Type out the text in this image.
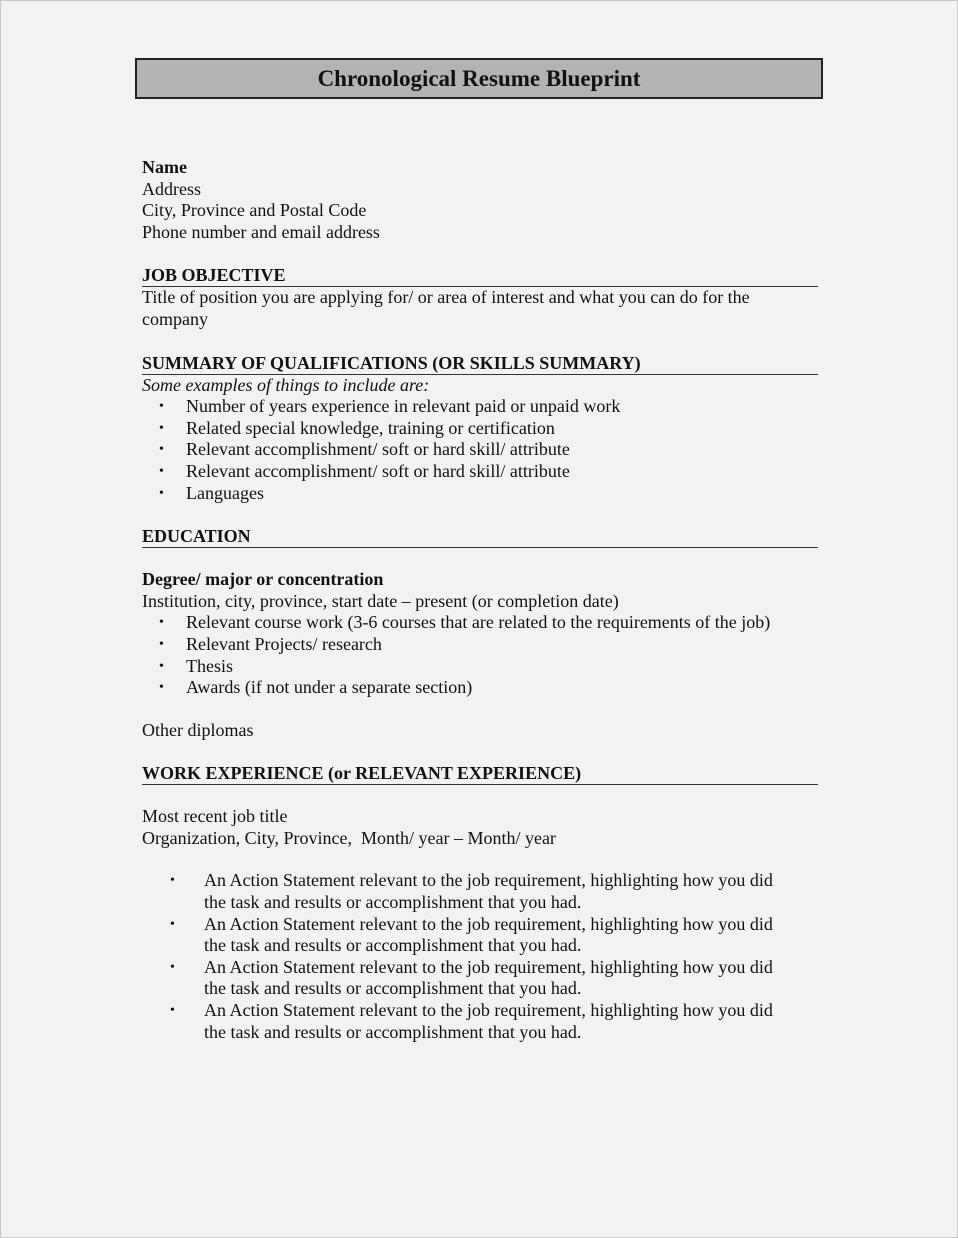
Chronological Resume Blueprint

Name

Address

City, Province and Postal Code

Phone number and email address

JOB OBJECTIVE

Title of position you are applying for/ or area of interest and what you can do for the company

SUMMARY OF QUALIFICATIONS (OR SKILLS SUMMARY)

Some examples of things to include are:

• Number of years experience in relevant paid or unpaid work
• Related special knowledge, training or certification
• Relevant accomplishment/ soft or hard skill/ attribute
• Relevant accomplishment/ soft or hard skill/ attribute
• Languages
EDUCATION

Degree/ major or concentration

Institution, city, province, start date – present (or completion date)

• Relevant course work (3-6 courses that are related to the requirements of the job)
• Relevant Projects/ research
• Thesis
• Awards (if not under a separate section)

Other diplomas

WORK EXPERIENCE (or RELEVANT EXPERIENCE)

Most recent job title

Organization, City, Province,  Month/ year – Month/ year

• An Action Statement relevant to the job requirement, highlighting how you did the task and results or accomplishment that you had.
• An Action Statement relevant to the job requirement, highlighting how you did the task and results or accomplishment that you had.
• An Action Statement relevant to the job requirement, highlighting how you did the task and results or accomplishment that you had.
• An Action Statement relevant to the job requirement, highlighting how you did the task and results or accomplishment that you had.
